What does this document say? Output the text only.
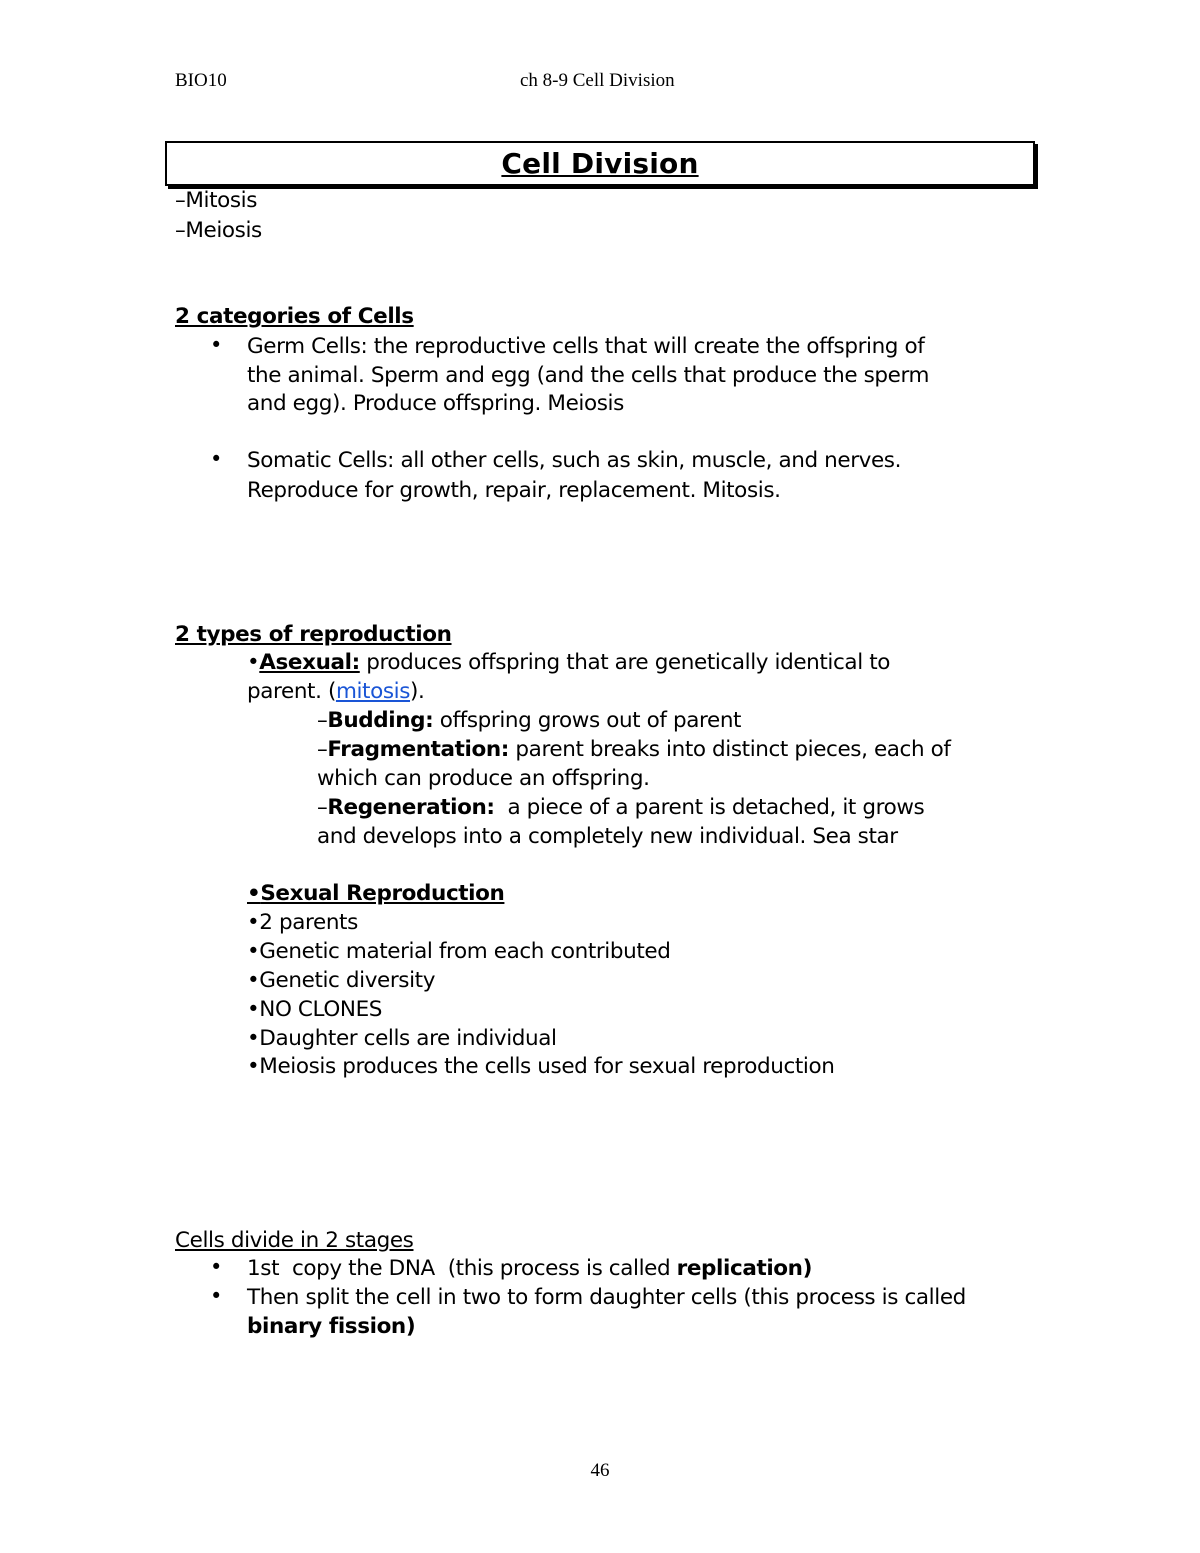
BIO10	ch 8-9 Cell Division
Cell Division
–Mitosis
–Meiosis
2 categories of Cells
• Germ Cells: the reproductive cells that will create the offspring of
the animal. Sperm and egg (and the cells that produce the sperm
and egg). Produce offspring. Meiosis
• Somatic Cells: all other cells, such as skin, muscle, and nerves.
Reproduce for growth, repair, replacement. Mitosis.
2 types of reproduction
•Asexual: produces offspring that are genetically identical to
parent. (mitosis).
–Budding: offspring grows out of parent
–Fragmentation: parent breaks into distinct pieces, each of
which can produce an offspring.
–Regeneration:  a piece of a parent is detached, it grows
and develops into a completely new individual. Sea star
•Sexual Reproduction
•2 parents
•Genetic material from each contributed
•Genetic diversity
•NO CLONES
•Daughter cells are individual
•Meiosis produces the cells used for sexual reproduction
Cells divide in 2 stages
• 1st  copy the DNA  (this process is called replication)
• Then split the cell in two to form daughter cells (this process is called
binary fission)
46
